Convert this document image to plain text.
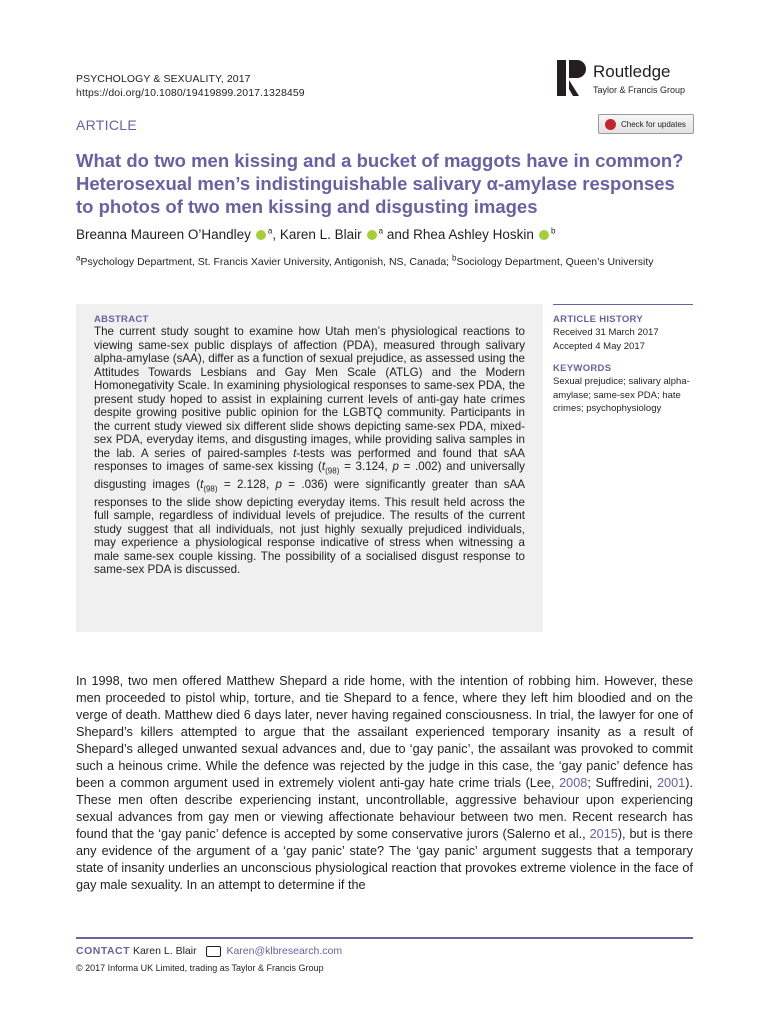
PSYCHOLOGY & SEXUALITY, 2017
https://doi.org/10.1080/19419899.2017.1328459
Routledge
Taylor & Francis Group
ARTICLE	Check for updates
What do two men kissing and a bucket of maggots have in common? Heterosexual men’s indistinguishable salivary α-amylase responses to photos of two men kissing and disgusting images
Breanna Maureen O’Handley $^a$, Karen L. Blair $^a$ and Rhea Ashley Hoskin $^b$
$^a$Psychology Department, St. Francis Xavier University, Antigonish, NS, Canada; $^b$Sociology Department, Queen’s University
ABSTRACT
The current study sought to examine how Utah men’s physiological reactions to viewing same-sex public displays of affection (PDA), measured through salivary alpha-amylase (sAA), differ as a function of sexual prejudice, as assessed using the Attitudes Towards Lesbians and Gay Men Scale (ATLG) and the Modern Homonegativity Scale. In examining physiological responses to same-sex PDA, the present study hoped to assist in explaining current levels of anti-gay hate crimes despite growing positive public opinion for the LGBTQ community. Participants in the current study viewed six different slide shows depicting same-sex PDA, mixed-sex PDA, everyday items, and disgusting images, while providing saliva samples in the lab. A series of paired-samples t-tests was performed and found that sAA responses to images of same-sex kissing ($t_{(98)} = 3.124$, p = .002) and universally disgusting images ($t_{(98)} = 2.128$, p = .036) were significantly greater than sAA responses to the slide show depicting everyday items. This result held across the full sample, regardless of individual levels of prejudice. The results of the current study suggest that all individuals, not just highly sexually prejudiced individuals, may experience a physiological response indicative of stress when witnessing a male same-sex couple kissing. The possibility of a socialised disgust response to same-sex PDA is discussed.
ARTICLE HISTORY
Received 31 March 2017
Accepted 4 May 2017
KEYWORDS
Sexual prejudice; salivary alpha-amylase; same-sex PDA; hate crimes; psychophysiology
In 1998, two men offered Matthew Shepard a ride home, with the intention of robbing him. However, these men proceeded to pistol whip, torture, and tie Shepard to a fence, where they left him bloodied and on the verge of death. Matthew died 6 days later, never having regained consciousness. In trial, the lawyer for one of Shepard’s killers attempted to argue that the assailant experienced temporary insanity as a result of Shepard’s alleged unwanted sexual advances and, due to ‘gay panic’, the assailant was provoked to commit such a heinous crime. While the defence was rejected by the judge in this case, the ‘gay panic’ defence has been a common argument used in extremely violent anti-gay hate crime trials (Lee, 2008; Suffredini, 2001). These men often describe experiencing instant, uncontrollable, aggressive behaviour upon experiencing sexual advances from gay men or viewing affectionate behaviour between two men. Recent research has found that the ‘gay panic’ defence is accepted by some conservative jurors (Salerno et al., 2015), but is there any evidence of the argument of a ‘gay panic’ state? The ‘gay panic’ argument suggests that a temporary state of insanity underlies an unconscious physiological reaction that provokes extreme violence in the face of gay male sexuality. In an attempt to determine if the
CONTACT Karen L. Blair	Karen@klbresearch.com
© 2017 Informa UK Limited, trading as Taylor & Francis Group
